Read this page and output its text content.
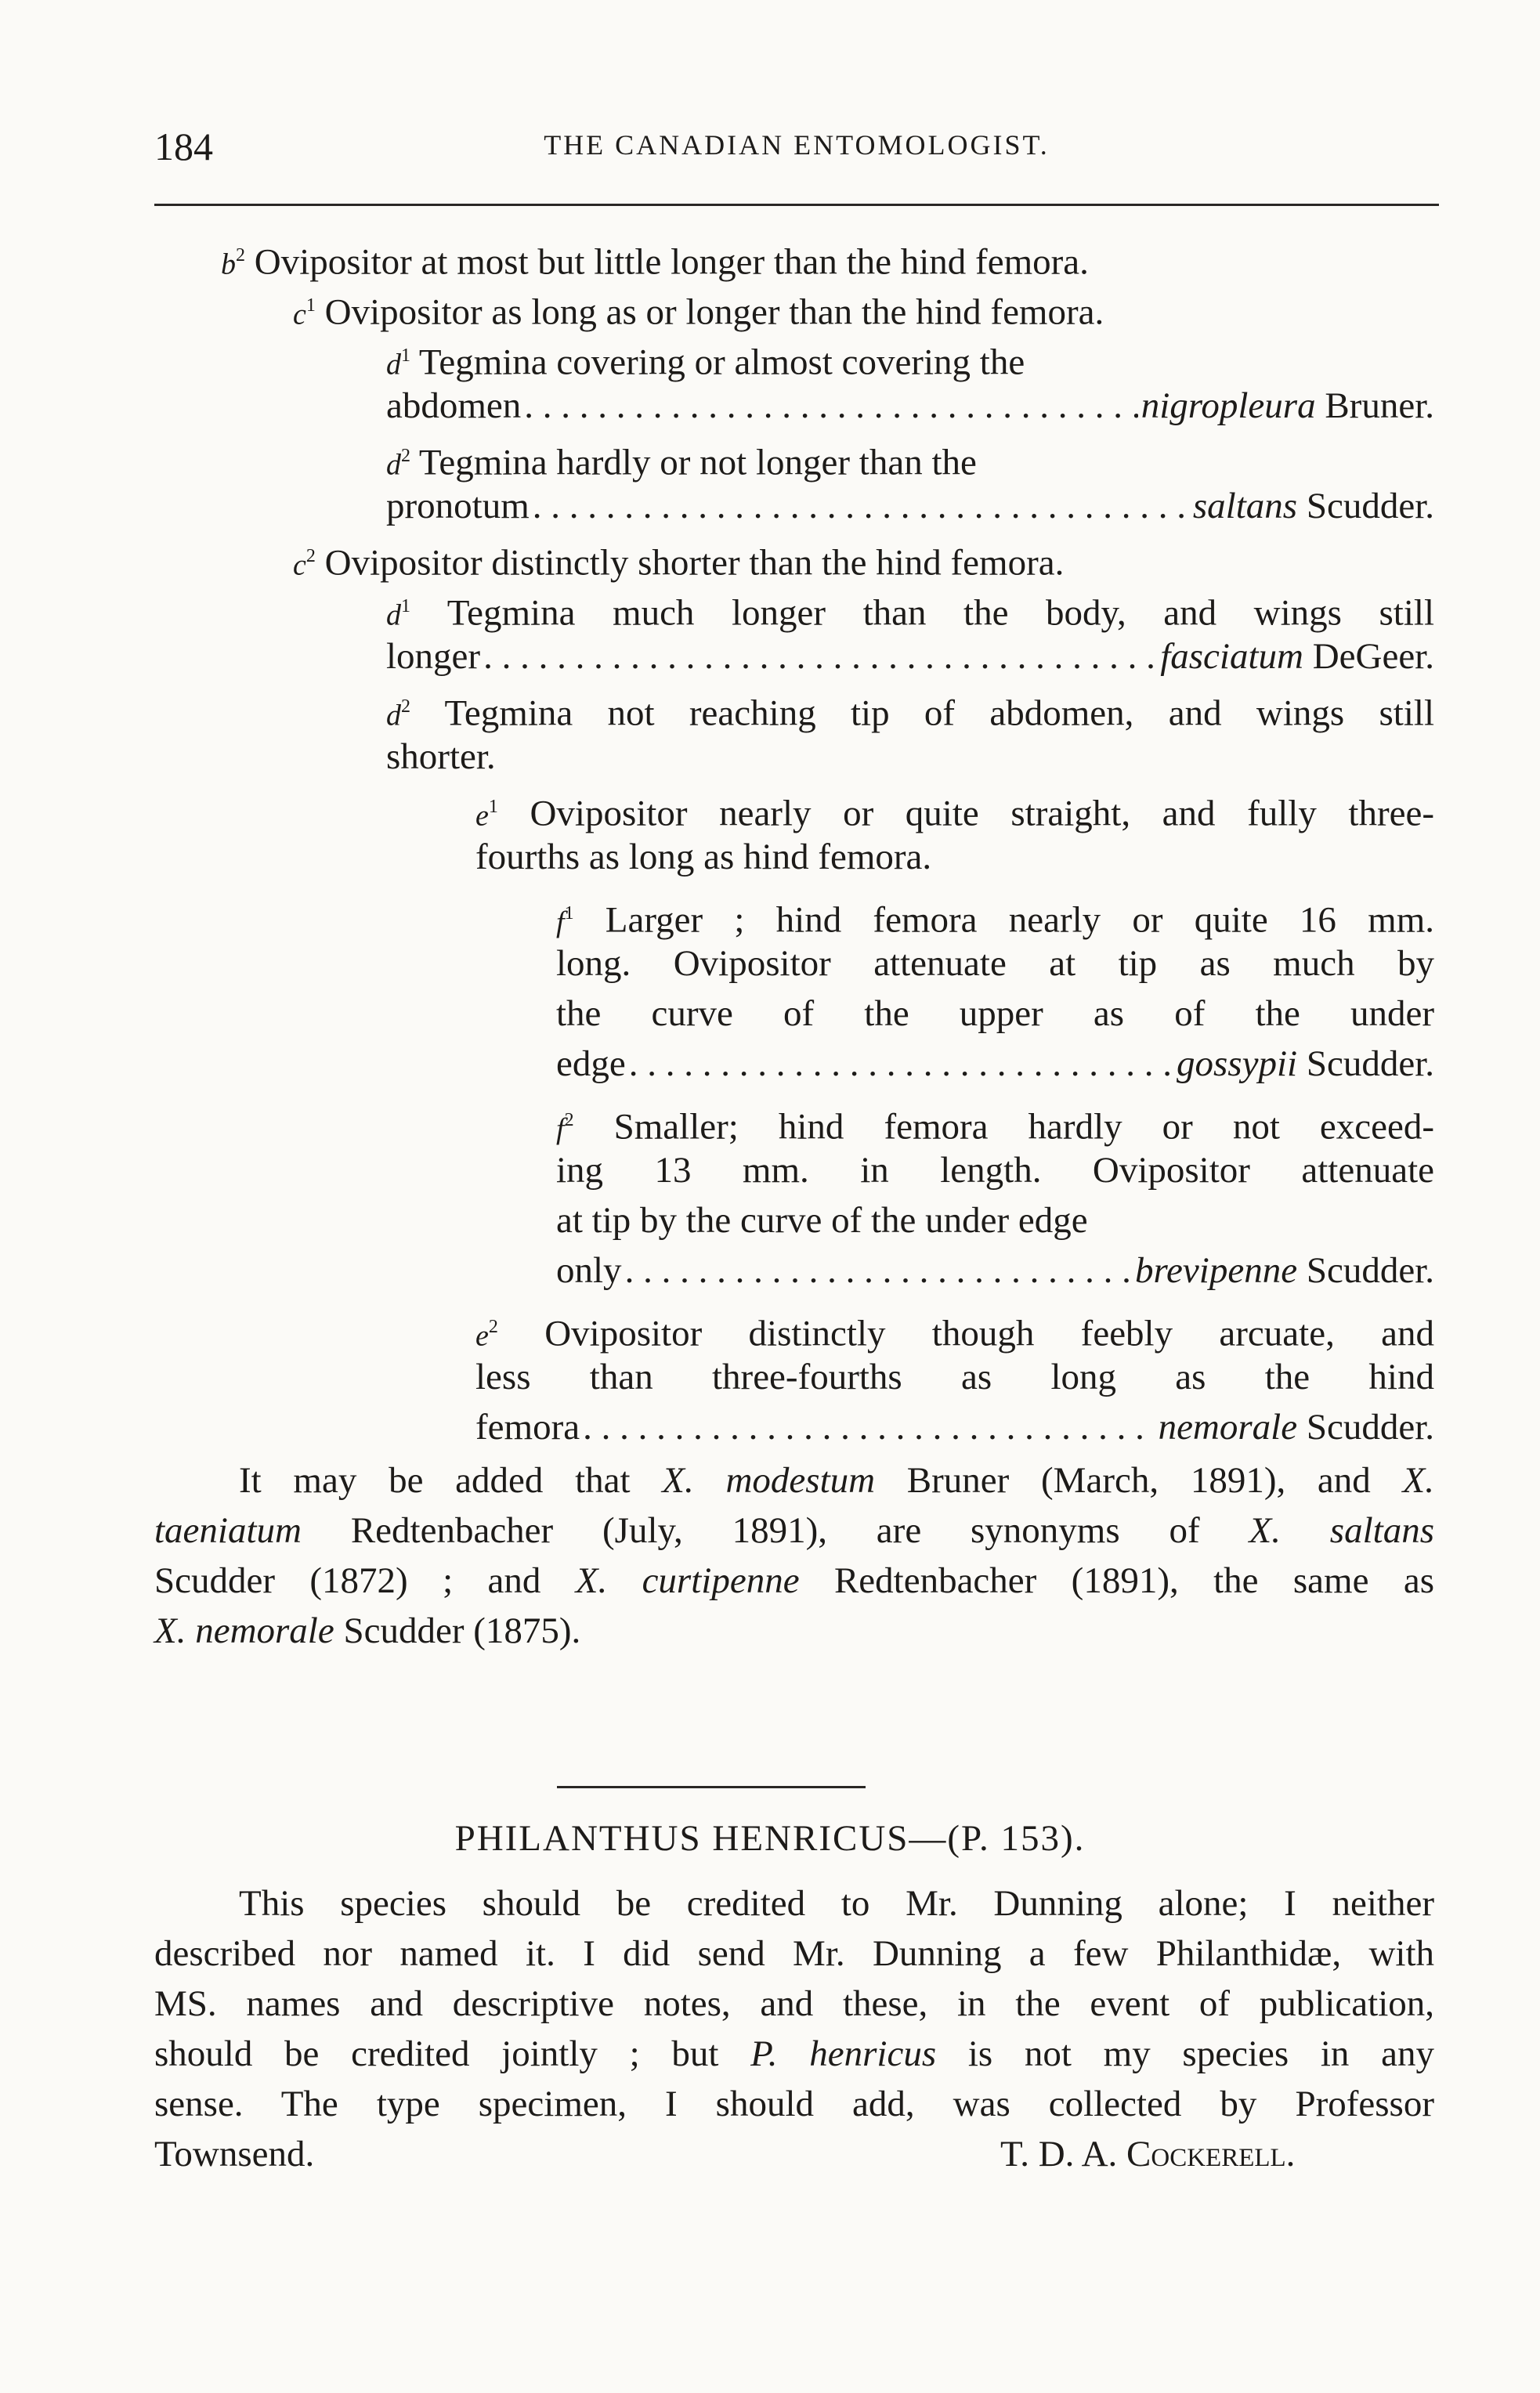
184	THE CANADIAN ENTOMOLOGIST.
$b^2$ Ovipositor at most but little longer than the hind femora.
$c^1$ Ovipositor as long as or longer than the hind femora.
$d^1$ Tegmina covering or almost covering the
abdomen . . .	nigropleura Bruner.
$d^2$ Tegmina hardly or not longer than the
pronotum . . .	saltans Scudder.
$c^2$ Ovipositor distinctly shorter than the hind femora.
$d^1$ Tegmina much longer than the body, and wings still
longer . . .	fasciatum DeGeer.
$d^2$ Tegmina not reaching tip of abdomen, and wings still
shorter.
$e^1$ Ovipositor nearly or quite straight, and fully three-
fourths as long as hind femora.
$f^1$ Larger ; hind femora nearly or quite 16 mm.
long. Ovipositor attenuate at tip as much by
the curve of the upper as of the under
edge . . .	gossypii Scudder.
$f^2$ Smaller; hind femora hardly or not exceed-
ing 13 mm. in length. Ovipositor attenuate
at tip by the curve of the under edge
only . . .	brevipenne Scudder.
$e^2$ Ovipositor distinctly though feebly arcuate, and
less than three-fourths as long as the hind
femora . . .	nemorale Scudder.
It may be added that X. modestum Bruner (March, 1891), and X.
taeniatum Redtenbacher (July, 1891), are synonyms of X. saltans
Scudder (1872) ; and X. curtipenne Redtenbacher (1891), the same as
X. nemorale Scudder (1875).
PHILANTHUS HENRICUS—(P. 153).
This species should be credited to Mr. Dunning alone; I neither
described nor named it. I did send Mr. Dunning a few Philanthidæ, with
MS. names and descriptive notes, and these, in the event of publication,
should be credited jointly ; but P. henricus is not my species in any
sense. The type specimen, I should add, was collected by Professor
Townsend.	T. D. A. Cockerell.
